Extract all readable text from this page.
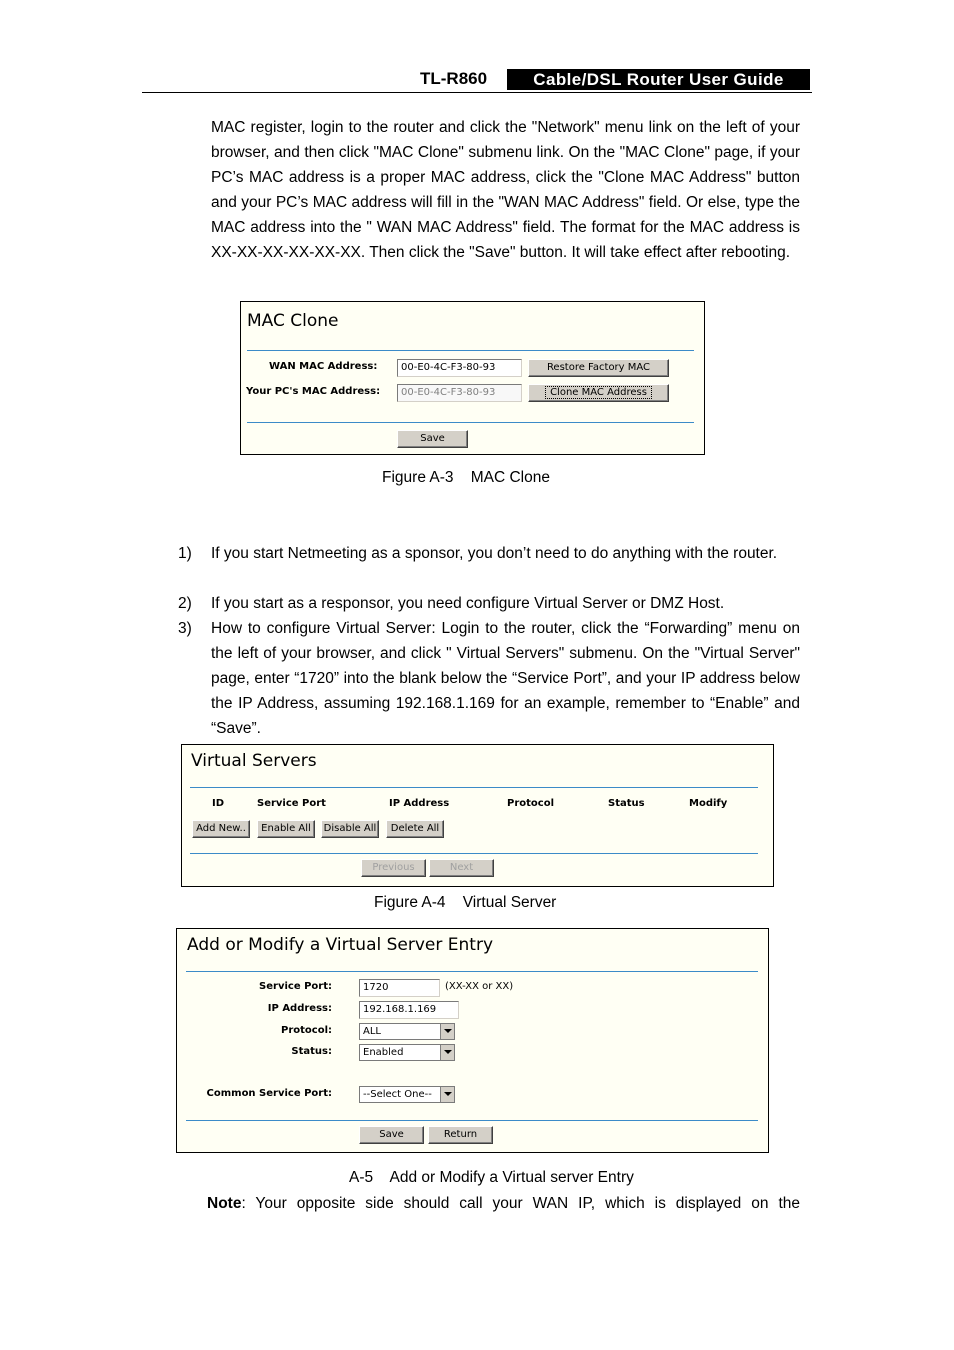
TL-R860	Cable/DSL Router User Guide
MAC register, login to the router and click the "Network" menu link on the left of your browser, and then click "MAC Clone" submenu link. On the "MAC Clone" page, if your PC’s MAC address is a proper MAC address, click the "Clone MAC Address" button and your PC’s MAC address will fill in the "WAN MAC Address" field. Or else, type the MAC address into the " WAN MAC Address" field. The format for the MAC address is XX-XX-XX-XX-XX-XX. Then click the "Save" button. It will take effect after rebooting.
MAC Clone
WAN MAC Address:	00-E0-4C-F3-80-93	Restore Factory MAC
Your PC's MAC Address:	00-E0-4C-F3-80-93	Clone MAC Address
Save
Figure A-3    MAC Clone
1) If you start Netmeeting as a sponsor, you don’t need to do anything with the router.
2) If you start as a responsor, you need configure Virtual Server or DMZ Host.
3) How to configure Virtual Server: Login to the router, click the “Forwarding” menu on the left of your browser, and click " Virtual Servers" submenu. On the "Virtual Server" page, enter “1720” into the blank below the “Service Port”, and your IP address below the IP Address, assuming 192.168.1.169 for an example, remember to “Enable” and “Save”.
Virtual Servers
ID	Service Port	IP Address	Protocol	Status	Modify
Add New..	Enable All	Disable All	Delete All
Previous	Next
Figure A-4    Virtual Server
Add or Modify a Virtual Server Entry
Service Port:	1720	(XX-XX or XX)
IP Address:	192.168.1.169
Protocol:	ALL
Status:	Enabled
Common Service Port:	--Select One--
Save	Return
A-5    Add or Modify a Virtual server Entry
Note: Your opposite side should call your WAN IP, which is displayed on the
